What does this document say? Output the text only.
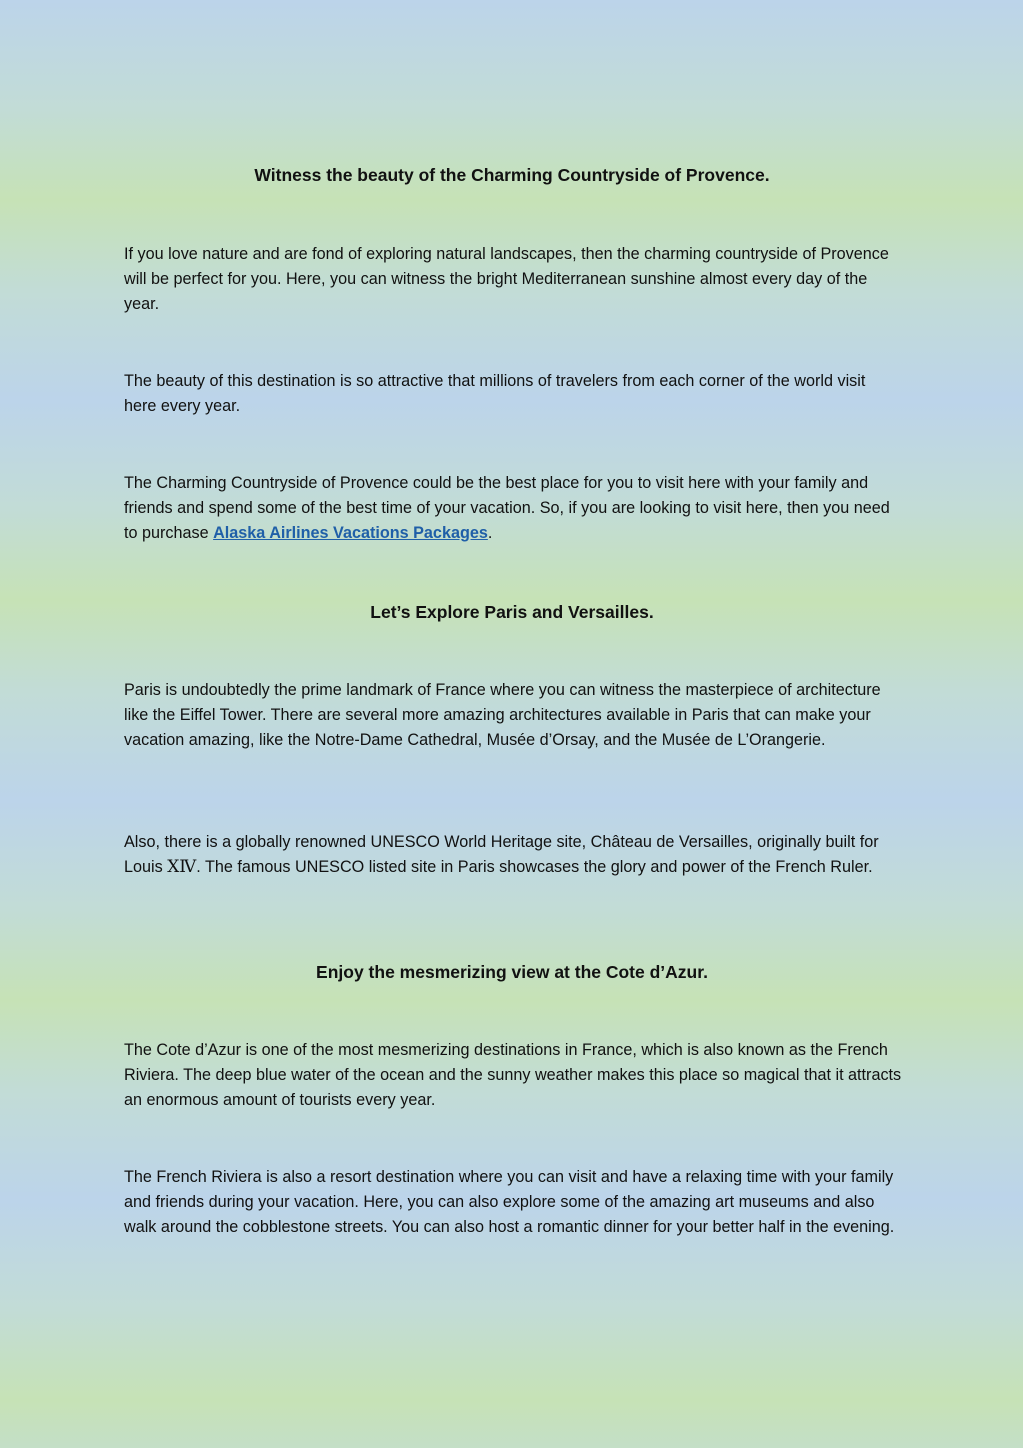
Witness the beauty of the Charming Countryside of Provence.

If you love nature and are fond of exploring natural landscapes, then the charming countryside of Provence will be perfect for you. Here, you can witness the bright Mediterranean sunshine almost every day of the year.

The beauty of this destination is so attractive that millions of travelers from each corner of the world visit here every year.

The Charming Countryside of Provence could be the best place for you to visit here with your family and friends and spend some of the best time of your vacation. So, if you are looking to visit here, then you need to purchase Alaska Airlines Vacations Packages.

Let’s Explore Paris and Versailles.

Paris is undoubtedly the prime landmark of France where you can witness the masterpiece of architecture like the Eiffel Tower. There are several more amazing architectures available in Paris that can make your vacation amazing, like the Notre-Dame Cathedral, Musée d’Orsay, and the Musée de L’Orangerie.

Also, there is a globally renowned UNESCO World Heritage site, Château de Versailles, originally built for Louis ⅩⅣ. The famous UNESCO listed site in Paris showcases the glory and power of the French Ruler.

Enjoy the mesmerizing view at the Cote d’Azur.

The Cote d’Azur is one of the most mesmerizing destinations in France, which is also known as the French Riviera. The deep blue water of the ocean and the sunny weather makes this place so magical that it attracts an enormous amount of tourists every year.

The French Riviera is also a resort destination where you can visit and have a relaxing time with your family and friends during your vacation. Here, you can also explore some of the amazing art museums and also walk around the cobblestone streets. You can also host a romantic dinner for your better half in the evening.
